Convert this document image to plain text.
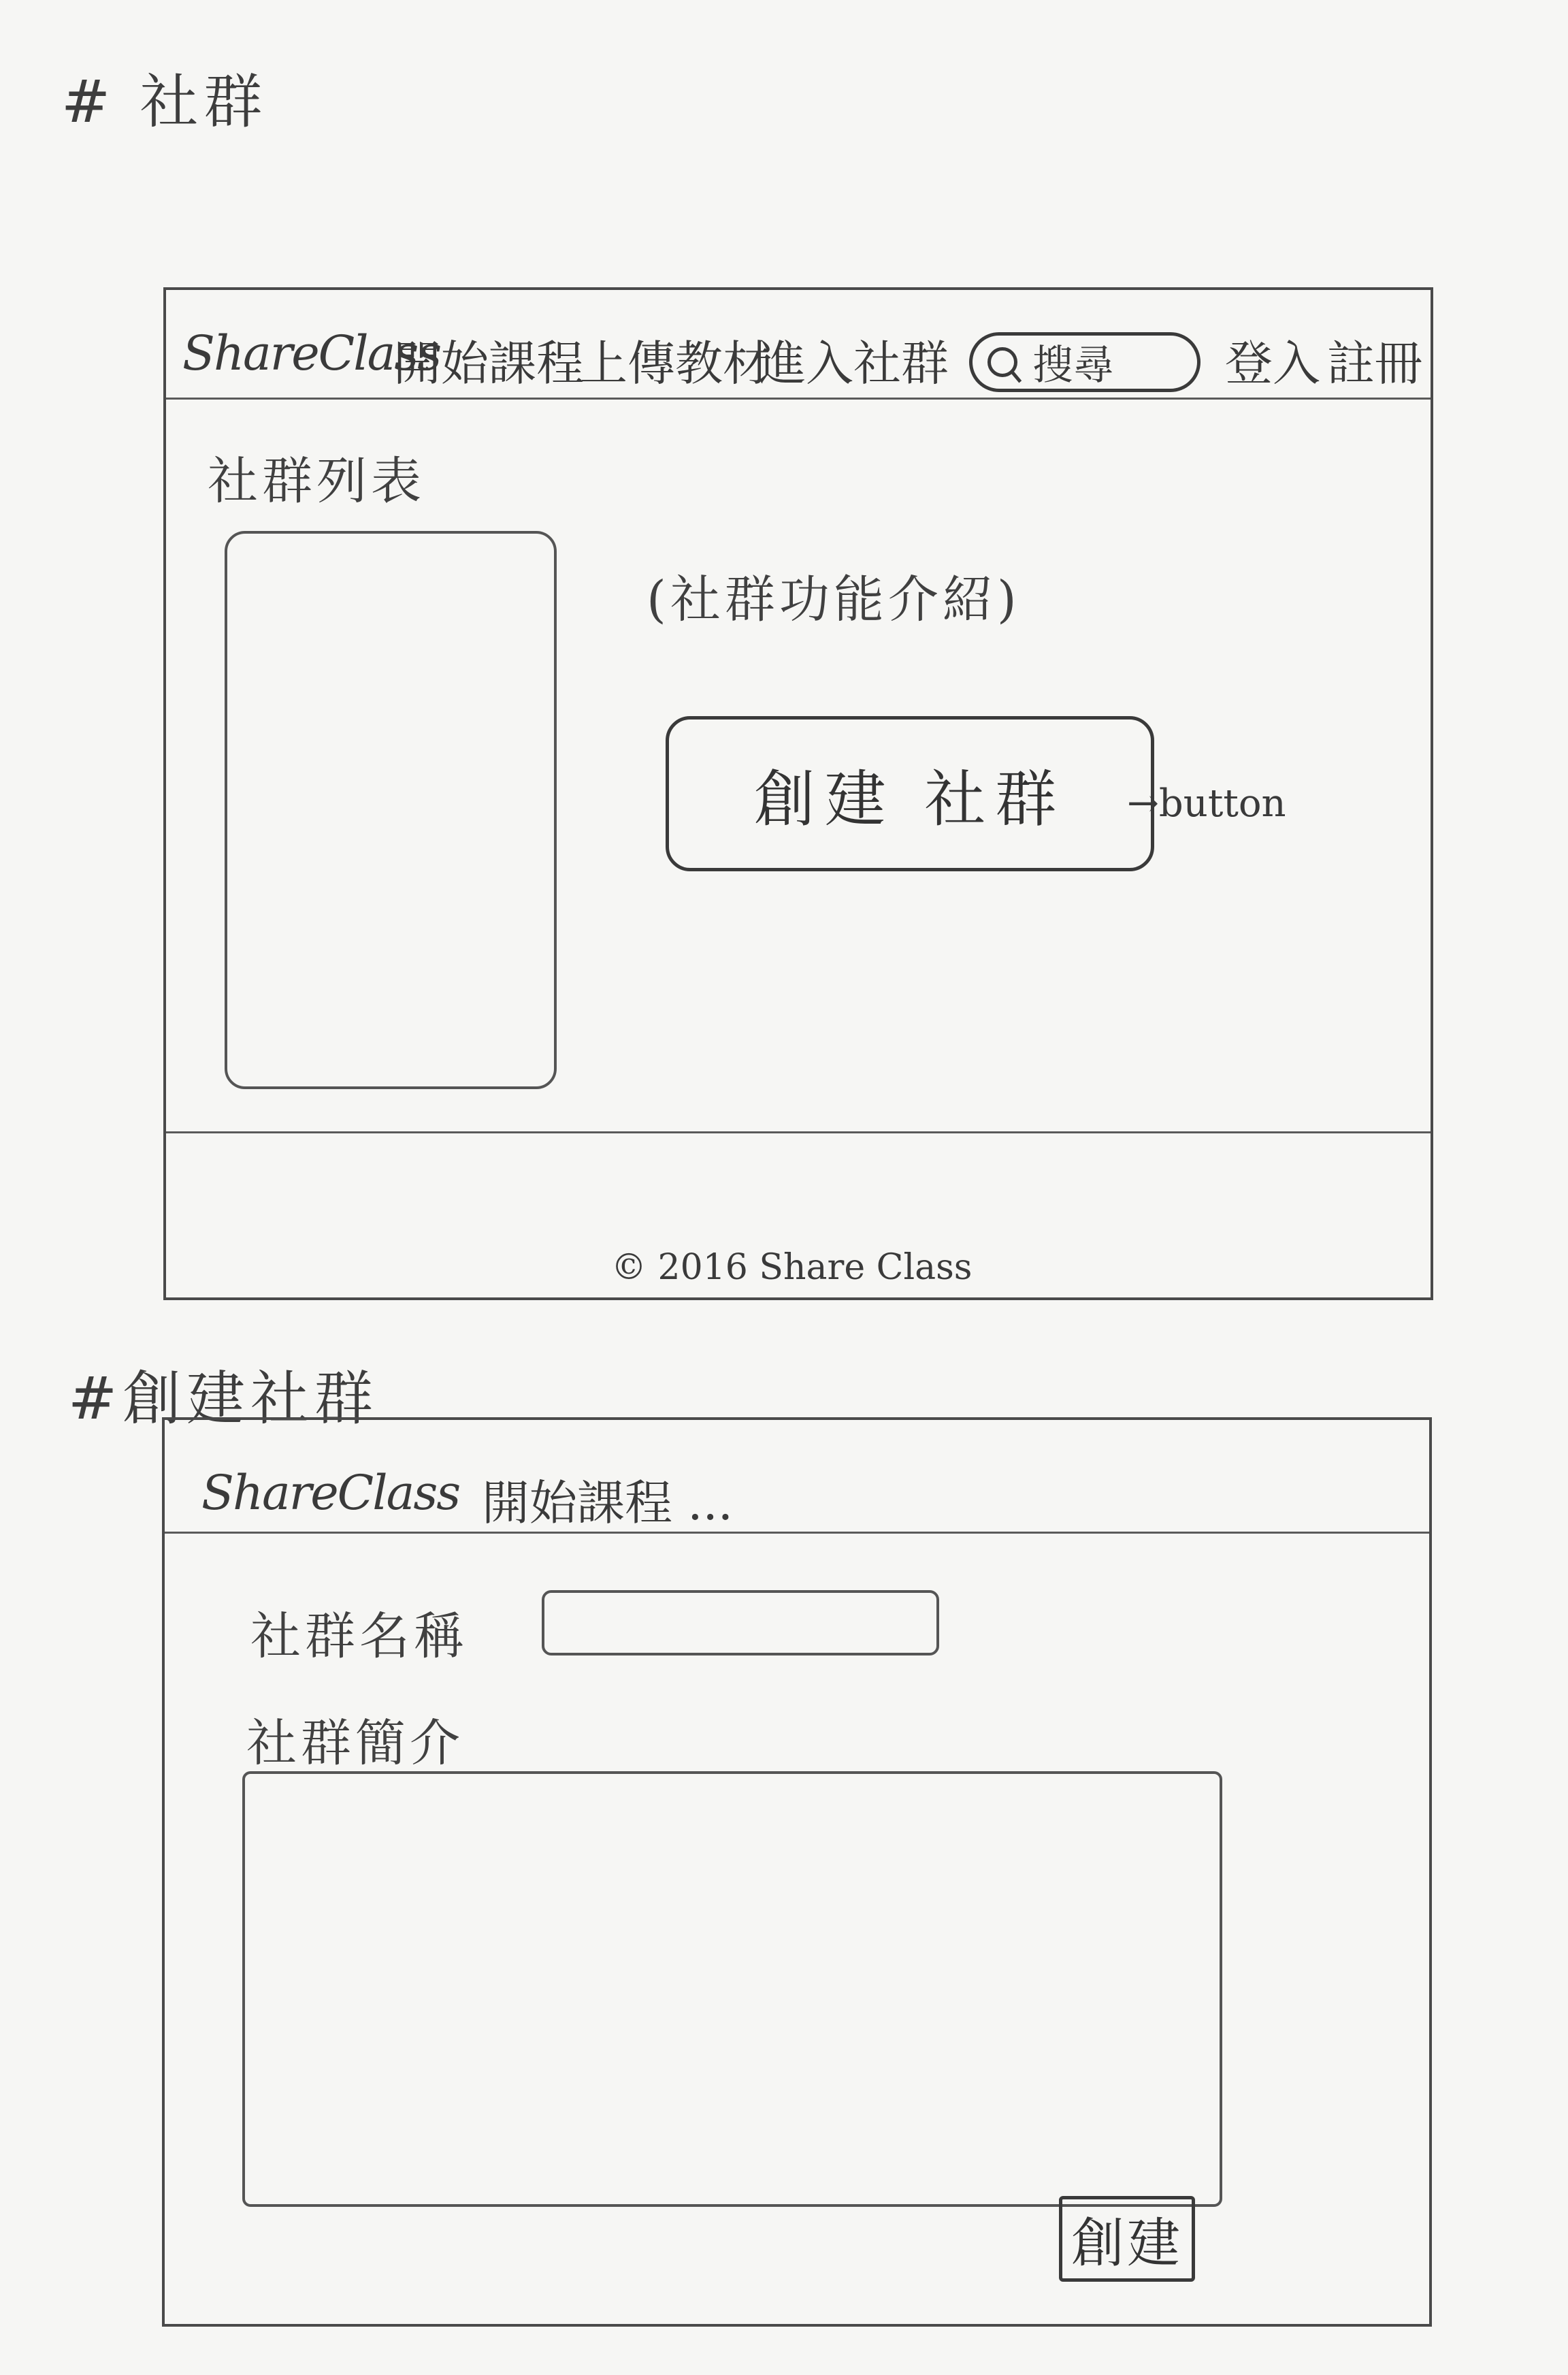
# 社群
ShareClass
開始課程
上傳教材
進入社群 搜尋 登入 註冊
社群列表
(社群功能介紹)
創建 社群	→button
© 2016 Share Class
#創建社群
ShareClass 開始課程 ...
社群名稱
社群簡介
創建
